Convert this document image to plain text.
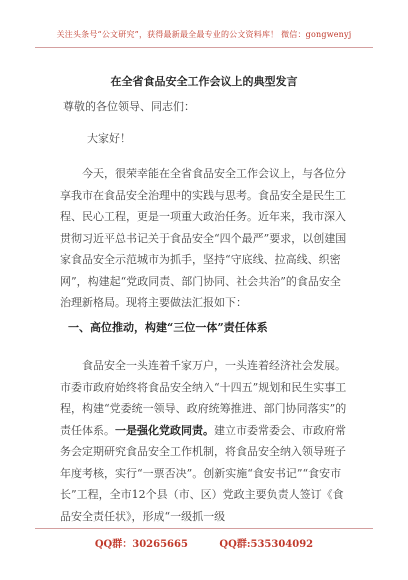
关注头条号“公文研究”，获得最新最全最专业的公文资料库！ 微信：gongwenyj
在全省食品安全工作会议上的典型发言
尊敬的各位领导、同志们：
大家好！
今天，很荣幸能在全省食品安全工作会议上，与各位分享我市在食品安全治理中的实践与思考。食品安全是民生工程、民心工程，更是一项重大政治任务。近年来，我市深入贯彻习近平总书记关于食品安全“四个最严”要求，以创建国家食品安全示范城市为抓手，坚持“守底线、拉高线、织密网”，构建起“党政同责、部门协同、社会共治”的食品安全治理新格局。现将主要做法汇报如下：
一、高位推动，构建“三位一体”责任体系
食品安全一头连着千家万户，一头连着经济社会发展。市委市政府始终将食品安全纳入“十四五”规划和民生实事工程，构建“党委统一领导、政府统筹推进、部门协同落实”的责任体系。一是强化党政同责。建立市委常委会、市政府常务会定期研究食品安全工作机制，将食品安全纳入领导班子年度考核，实行“一票否决”。创新实施“食安书记”“食安市长”工程，全市12个县（市、区）党政主要负责人签订《食品安全责任状》，形成“一级抓一级
QQ群：30265665	QQ群:535304092
